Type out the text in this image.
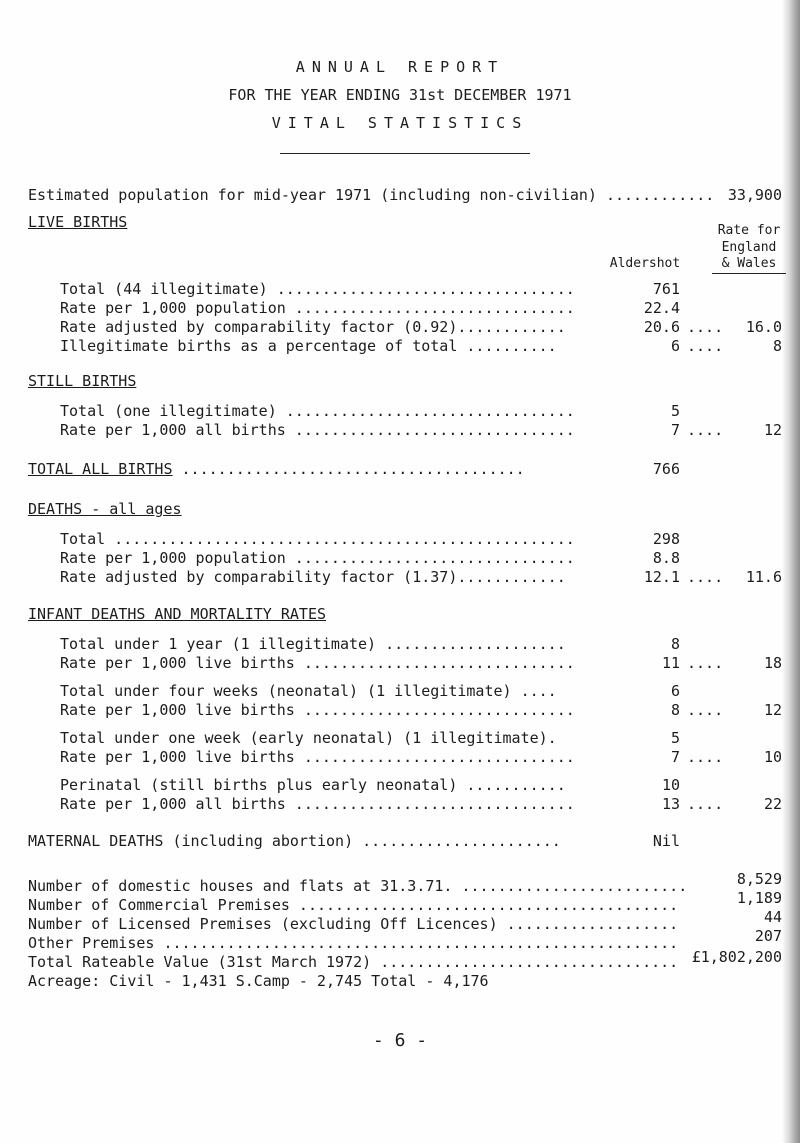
ANNUAL REPORT
FOR THE YEAR ENDING 31st DECEMBER 1971
VITAL STATISTICS
Estimated population for mid-year 1971 (including non-civilian) ............ 33,900
LIVE BIRTHS	Rate for
England
& Wales
Aldershot
Total (44 illegitimate) .................................	761
Rate per 1,000 population ...............................	22.4
Rate adjusted by comparability factor (0.92)............	20.6 ....	16.0
Illegitimate births as a percentage of total ..........	6 ....	8
STILL BIRTHS
Total (one illegitimate) ................................	5
Rate per 1,000 all births ...............................	7 ....	12
TOTAL ALL BIRTHS ......................................	766
DEATHS - all ages
Total ...................................................	298
Rate per 1,000 population ...............................	8.8
Rate adjusted by comparability factor (1.37)............	12.1 ....	11.6
INFANT DEATHS AND MORTALITY RATES
Total under 1 year (1 illegitimate) ....................	8
Rate per 1,000 live births ..............................	11 ....	18
Total under four weeks (neonatal) (1 illegitimate) ....	6
Rate per 1,000 live births ..............................	8 ....	12
Total under one week (early neonatal) (1 illegitimate).	5
Rate per 1,000 live births ..............................	7 ....	10
Perinatal (still births plus early neonatal) ...........	10
Rate per 1,000 all births ...............................	13 ....	22
MATERNAL DEATHS (including abortion) ......................	Nil
Number of domestic houses and flats at 31.3.71. .........................	8,529
Number of Commercial Premises ..........................................	1,189
Number of Licensed Premises (excluding Off Licences) ...................	44
Other Premises .........................................................	207
Total Rateable Value (31st March 1972) ................................. £1,802,200
Acreage: Civil - 1,431 S.Camp - 2,745 Total - 4,176
- 6 -
